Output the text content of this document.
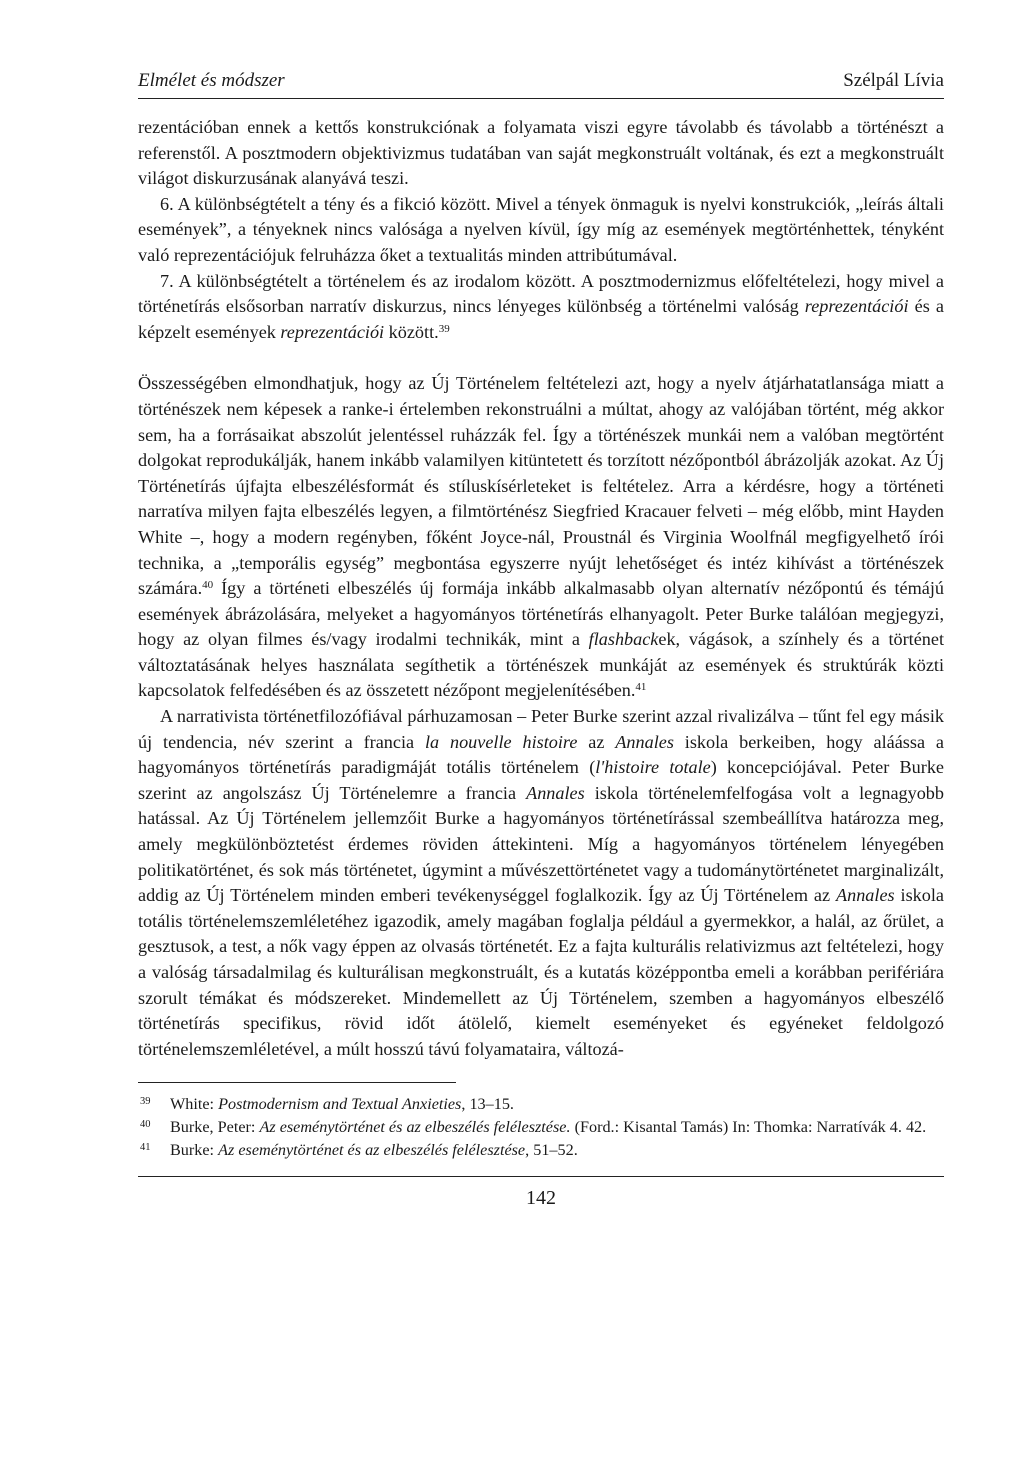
Elmélet és módszer	Szélpál Lívia

rezentációban ennek a kettős konstrukciónak a folyamata viszi egyre távolabb és távolabb a történészt a referenstől. A posztmodern objektivizmus tudatában van saját megkonstruált voltának, és ezt a megkonstruált világot diskurzusának alanyává teszi.

6. A különbségtételt a tény és a fikció között. Mivel a tények önmaguk is nyelvi konstrukciók, „leírás általi események”, a tényeknek nincs valósága a nyelven kívül, így míg az események megtörténhettek, tényként való reprezentációjuk felruházza őket a textualitás minden attribútumával.

7. A különbségtételt a történelem és az irodalom között. A posztmodernizmus előfeltételezi, hogy mivel a történetírás elsősorban narratív diskurzus, nincs lényeges különbség a történelmi valóság reprezentációi és a képzelt események reprezentációi között.$^{39}$

Összességében elmondhatjuk, hogy az Új Történelem feltételezi azt, hogy a nyelv átjárhatatlansága miatt a történészek nem képesek a ranke-i értelemben rekonstruálni a múltat, ahogy az valójában történt, még akkor sem, ha a forrásaikat abszolút jelentéssel ruházzák fel. Így a történészek munkái nem a valóban megtörtént dolgokat reprodukálják, hanem inkább valamilyen kitüntetett és torzított nézőpontból ábrázolják azokat. Az Új Történetírás újfajta elbeszélésformát és stíluskísérleteket is feltételez. Arra a kérdésre, hogy a történeti narratíva milyen fajta elbeszélés legyen, a filmtörténész Siegfried Kracauer felveti – még előbb, mint Hayden White –, hogy a modern regényben, főként Joyce-nál, Proustnál és Virginia Woolfnál megfigyelhető írói technika, a „temporális egység” megbontása egyszerre nyújt lehetőséget és intéz kihívást a történészek számára.$^{40}$ Így a történeti elbeszélés új formája inkább alkalmasabb olyan alternatív nézőpontú és témájú események ábrázolására, melyeket a hagyományos történetírás elhanyagolt. Peter Burke találóan megjegyzi, hogy az olyan filmes és/vagy irodalmi technikák, mint a flashbackek, vágások, a színhely és a történet változtatásának helyes használata segíthetik a történészek munkáját az események és struktúrák közti kapcsolatok felfedésében és az összetett nézőpont megjelenítésében.$^{41}$

A narrativista történetfilozófiával párhuzamosan – Peter Burke szerint azzal rivalizálva – tűnt fel egy másik új tendencia, név szerint a francia la nouvelle histoire az Annales iskola berkeiben, hogy aláássa a hagyományos történetírás paradigmáját totális történelem (l'histoire totale) koncepciójával. Peter Burke szerint az angolszász Új Történelemre a francia Annales iskola történelemfelfogása volt a legnagyobb hatással. Az Új Történelem jellemzőit Burke a hagyományos történetírással szembeállítva határozza meg, amely megkülönböztetést érdemes röviden áttekinteni. Míg a hagyományos történelem lényegében politikatörténet, és sok más történetet, úgymint a művészettörténetet vagy a tudománytörténetet marginalizált, addig az Új Történelem minden emberi tevékenységgel foglalkozik. Így az Új Történelem az Annales iskola totális történelemszemléletéhez igazodik, amely magában foglalja például a gyermekkor, a halál, az őrület, a gesztusok, a test, a nők vagy éppen az olvasás történetét. Ez a fajta kulturális relativizmus azt feltételezi, hogy a valóság társadalmilag és kulturálisan megkonstruált, és a kutatás középpontba emeli a korábban perifériára szorult témákat és módszereket. Mindemellett az Új Történelem, szemben a hagyományos elbeszélő történetírás specifikus, rövid időt átölelő, kiemelt eseményeket és egyéneket feldolgozó történelemszemléletével, a múlt hosszú távú folyamataira, változá-

$^{39}$	White: Postmodernism and Textual Anxieties, 13–15.
$^{40}$	Burke, Peter: Az eseménytörténet és az elbeszélés felélesztése. (Ford.: Kisantal Tamás) In: Thomka: Narratívák 4. 42.
$^{41}$	Burke: Az eseménytörténet és az elbeszélés felélesztése, 51–52.
142
